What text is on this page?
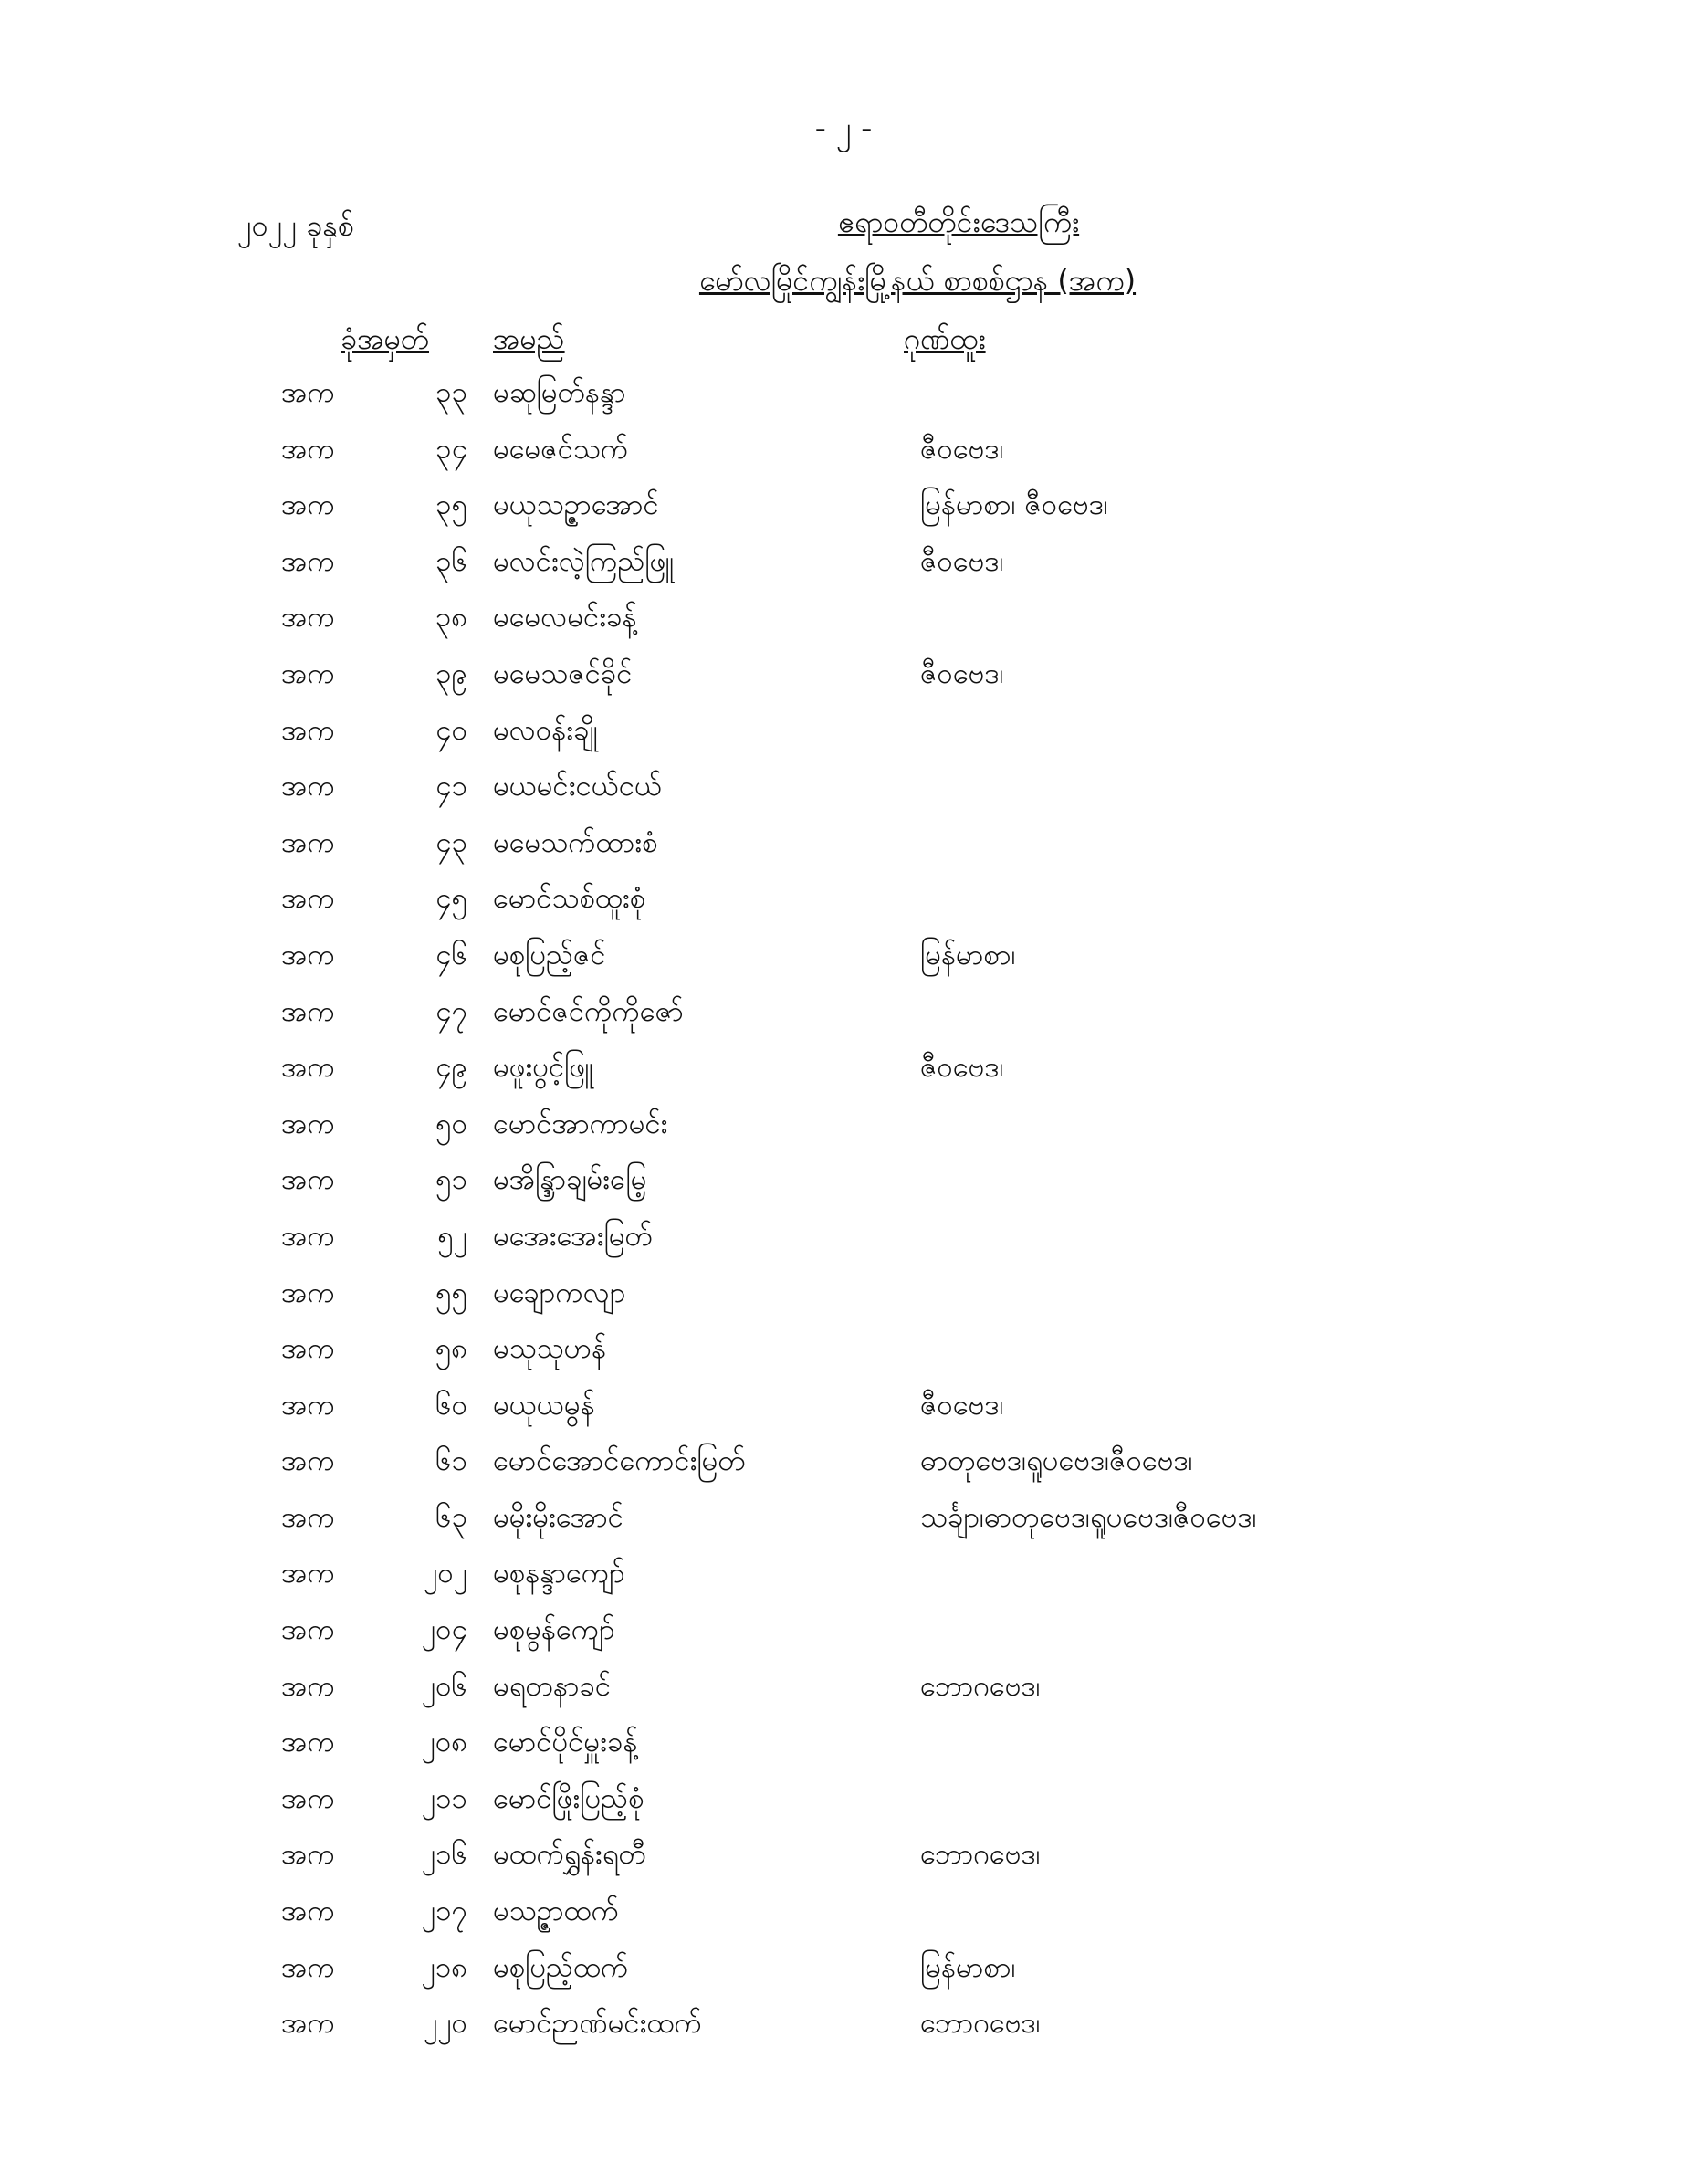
- ၂ -
၂၀၂၂ ခုနှစ်	ဧရာဝတီတိုင်းဒေသကြီး
မော်လမြိုင်ကျွန်းမြို့နယ် စာစစ်ဌာန (အက)
ခုံအမှတ် အမည်	ဂုဏ်ထူး
အက	၃၃ မဆုမြတ်နန္ဒာ
အက	၃၄ မမေဇင်သက်	ဇီဝဗေဒ၊
အက	၃၅ မယုသဉ္ဇာအောင်	မြန်မာစာ၊ ဇီဝဗေဒ၊
အက	၃၆ မလင်းလဲ့ကြည်ဖြူ	ဇီဝဗေဒ၊
အက	၃၈ မမေလမင်းခန့်
အက	၃၉ မမေသဇင်ခိုင်	ဇီဝဗေဒ၊
အက	၄၀ မလဝန်းချို
အက	၄၁ မယမင်းငယ်ငယ်
အက	၄၃ မမေသက်ထားစံ
အက	၄၅ မောင်သစ်ထူးစုံ
အက	၄၆ မစုပြည့်ဇင်	မြန်မာစာ၊
အက	၄၇ မောင်ဇင်ကိုကိုဇော်
အက	၄၉ မဖူးပွင့်ဖြူ	ဇီဝဗေဒ၊
အက	၅၀ မောင်အာကာမင်း
အက	၅၁ မအိန္ဒြာချမ်းမြေ့
အက	၅၂ မအေးအေးမြတ်
အက	၅၅ မချောကလျာ
အက	၅၈ မသုသုဟန်
အက	၆၀ မယုယမွန်	ဇီဝဗေဒ၊
အက	၆၁ မောင်အောင်ကောင်းမြတ်	ဓာတုဗေဒ၊ရူပဗေဒ၊ဇီဝဗေဒ၊
အက	၆၃ မမိုးမိုးအောင်	သင်္ချာ၊ဓာတုဗေဒ၊ရူပဗေဒ၊ဇီဝဗေဒ၊
အက	၂၀၂ မစုနန္ဒာကျော်
အက	၂၀၄ မစုမွန်ကျော်
အက	၂၀၆ မရတနာခင်	ဘောဂဗေဒ၊
အက	၂၀၈ မောင်ပိုင်မှူးခန့်
အက	၂၁၁ မောင်ဖြိုးပြည့်စုံ
အက	၂၁၆ မထက်ရွှန်းရတီ	ဘောဂဗေဒ၊
အက	၂၁၇ မသဉ္ဇာထက်
အက	၂၁၈ မစုပြည့်ထက်	မြန်မာစာ၊
အက	၂၂၀ မောင်ဉာဏ်မင်းထက်	ဘောဂဗေဒ၊
